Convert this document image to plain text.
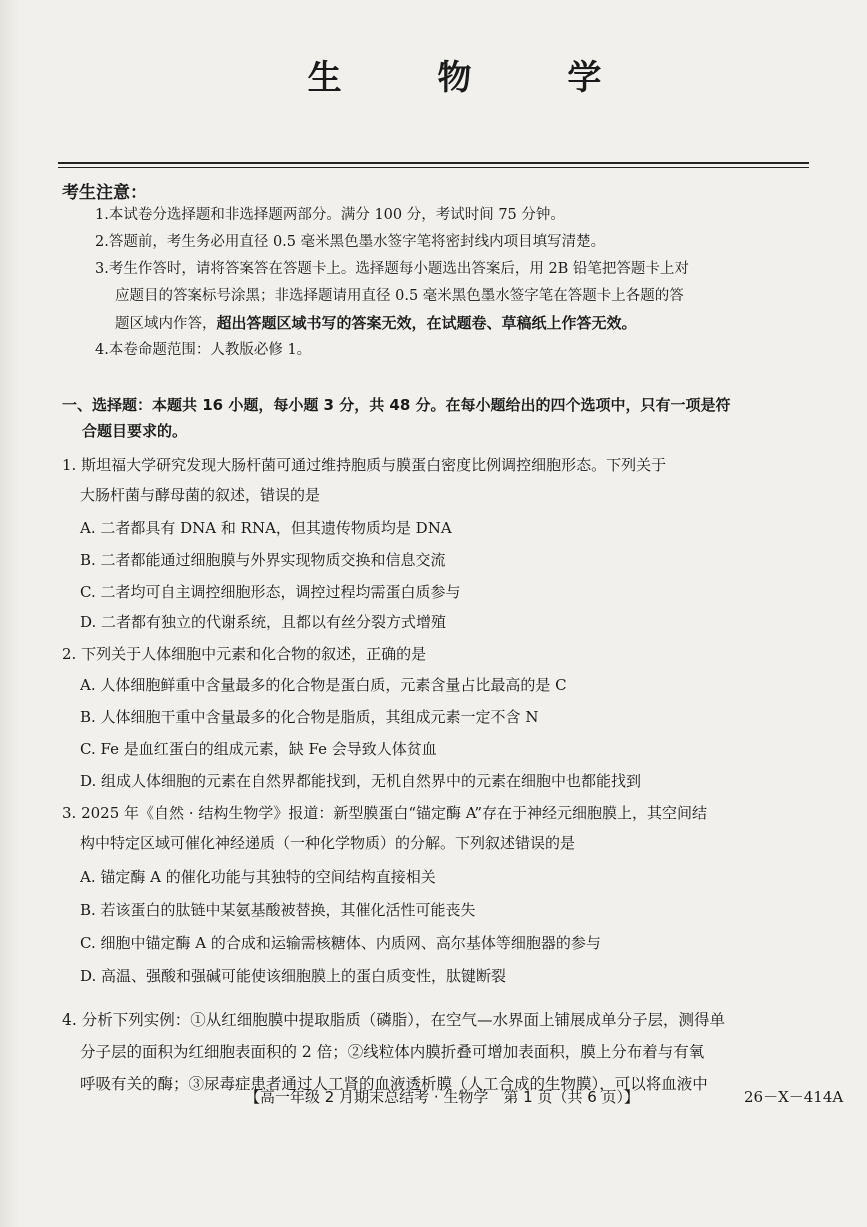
生 物 学
考生注意：
1.本试卷分选择题和非选择题两部分。满分 100 分，考试时间 75 分钟。
2.答题前，考生务必用直径 0.5 毫米黑色墨水签字笔将密封线内项目填写清楚。
3.考生作答时，请将答案答在答题卡上。选择题每小题选出答案后，用 2B 铅笔把答题卡上对
应题目的答案标号涂黑；非选择题请用直径 0.5 毫米黑色墨水签字笔在答题卡上各题的答
题区域内作答，超出答题区域书写的答案无效，在试题卷、草稿纸上作答无效。
4.本卷命题范围：人教版必修 1。
一、选择题：本题共 16 小题，每小题 3 分，共 48 分。在每小题给出的四个选项中，只有一项是符
合题目要求的。
1. 斯坦福大学研究发现大肠杆菌可通过维持胞质与膜蛋白密度比例调控细胞形态。下列关于
大肠杆菌与酵母菌的叙述，错误的是
A. 二者都具有 DNA 和 RNA，但其遗传物质均是 DNA
B. 二者都能通过细胞膜与外界实现物质交换和信息交流
C. 二者均可自主调控细胞形态，调控过程均需蛋白质参与
D. 二者都有独立的代谢系统，且都以有丝分裂方式增殖
2. 下列关于人体细胞中元素和化合物的叙述，正确的是
A. 人体细胞鲜重中含量最多的化合物是蛋白质，元素含量占比最高的是 C
B. 人体细胞干重中含量最多的化合物是脂质，其组成元素一定不含 N
C. Fe 是血红蛋白的组成元素，缺 Fe 会导致人体贫血
D. 组成人体细胞的元素在自然界都能找到，无机自然界中的元素在细胞中也都能找到
3. 2025 年《自然 · 结构生物学》报道：新型膜蛋白“锚定酶 A”存在于神经元细胞膜上，其空间结
构中特定区域可催化神经递质（一种化学物质）的分解。下列叙述错误的是
A. 锚定酶 A 的催化功能与其独特的空间结构直接相关
B. 若该蛋白的肽链中某氨基酸被替换，其催化活性可能丧失
C. 细胞中锚定酶 A 的合成和运输需核糖体、内质网、高尔基体等细胞器的参与
D. 高温、强酸和强碱可能使该细胞膜上的蛋白质变性，肽键断裂
4. 分析下列实例：①从红细胞膜中提取脂质（磷脂），在空气—水界面上铺展成单分子层，测得单
分子层的面积为红细胞表面积的 2 倍；②线粒体内膜折叠可增加表面积，膜上分布着与有氧
呼吸有关的酶；③尿毒症患者通过人工肾的血液透析膜（人工合成的生物膜），可以将血液中
【高一年级 2 月期末总结考 · 生物学　第 1 页（共 6 页）】	26－X－414A
